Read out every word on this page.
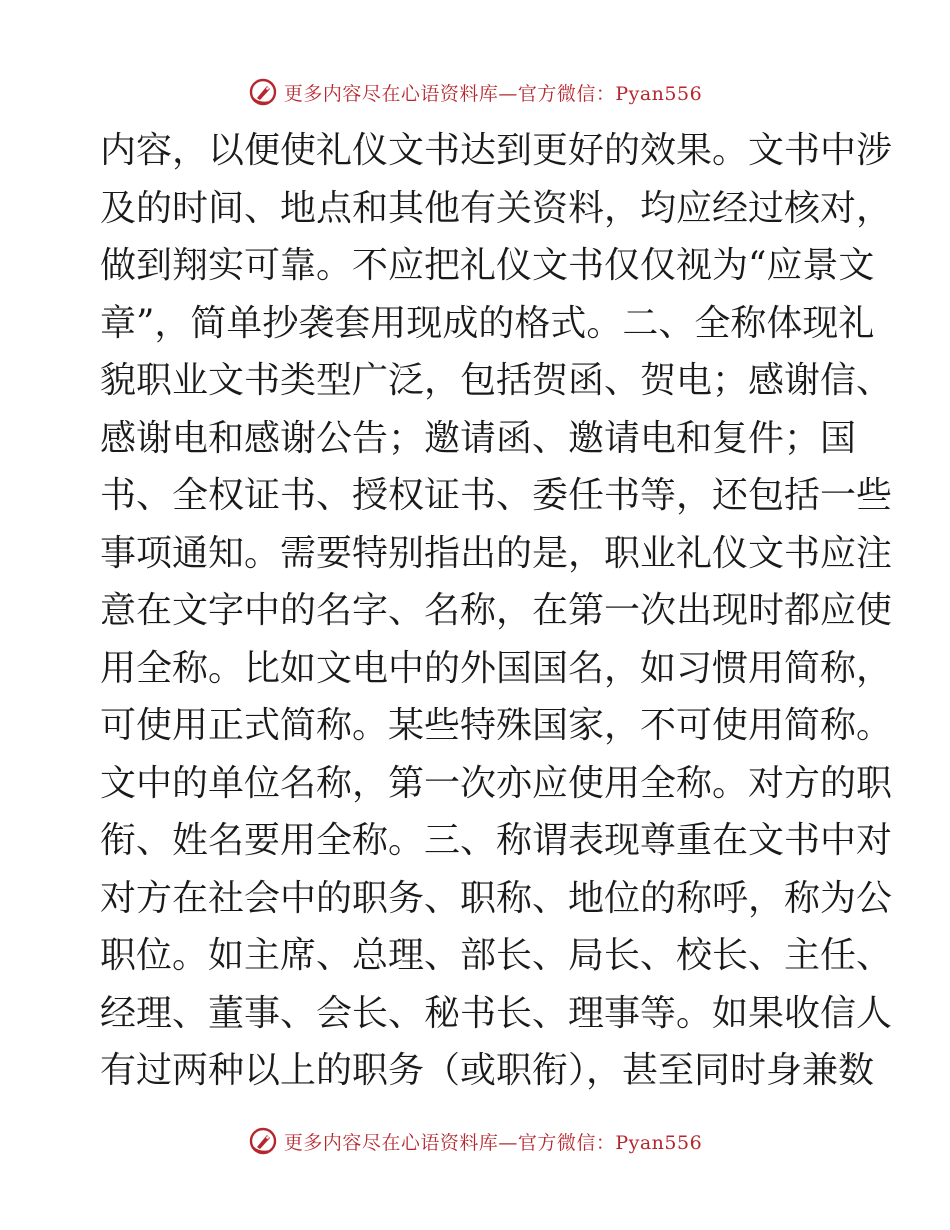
更多内容尽在心语资料库—官方微信：Pyan556
内容，以便使礼仪文书达到更好的效果。文书中涉
及的时间、地点和其他有关资料，均应经过核对，
做到翔实可靠。不应把礼仪文书仅仅视为“应景文
章”，简单抄袭套用现成的格式。二、全称体现礼
貌职业文书类型广泛，包括贺函、贺电；感谢信、
感谢电和感谢公告；邀请函、邀请电和复件；国
书、全权证书、授权证书、委任书等，还包括一些
事项通知。需要特别指出的是，职业礼仪文书应注
意在文字中的名字、名称，在第一次出现时都应使
用全称。比如文电中的外国国名，如习惯用简称，
可使用正式简称。某些特殊国家，不可使用简称。
文中的单位名称，第一次亦应使用全称。对方的职
衔、姓名要用全称。三、称谓表现尊重在文书中对
对方在社会中的职务、职称、地位的称呼，称为公
职位。如主席、总理、部长、局长、校长、主任、
经理、董事、会长、秘书长、理事等。如果收信人
有过两种以上的职务（或职衔），甚至同时身兼数
更多内容尽在心语资料库—官方微信：Pyan556
